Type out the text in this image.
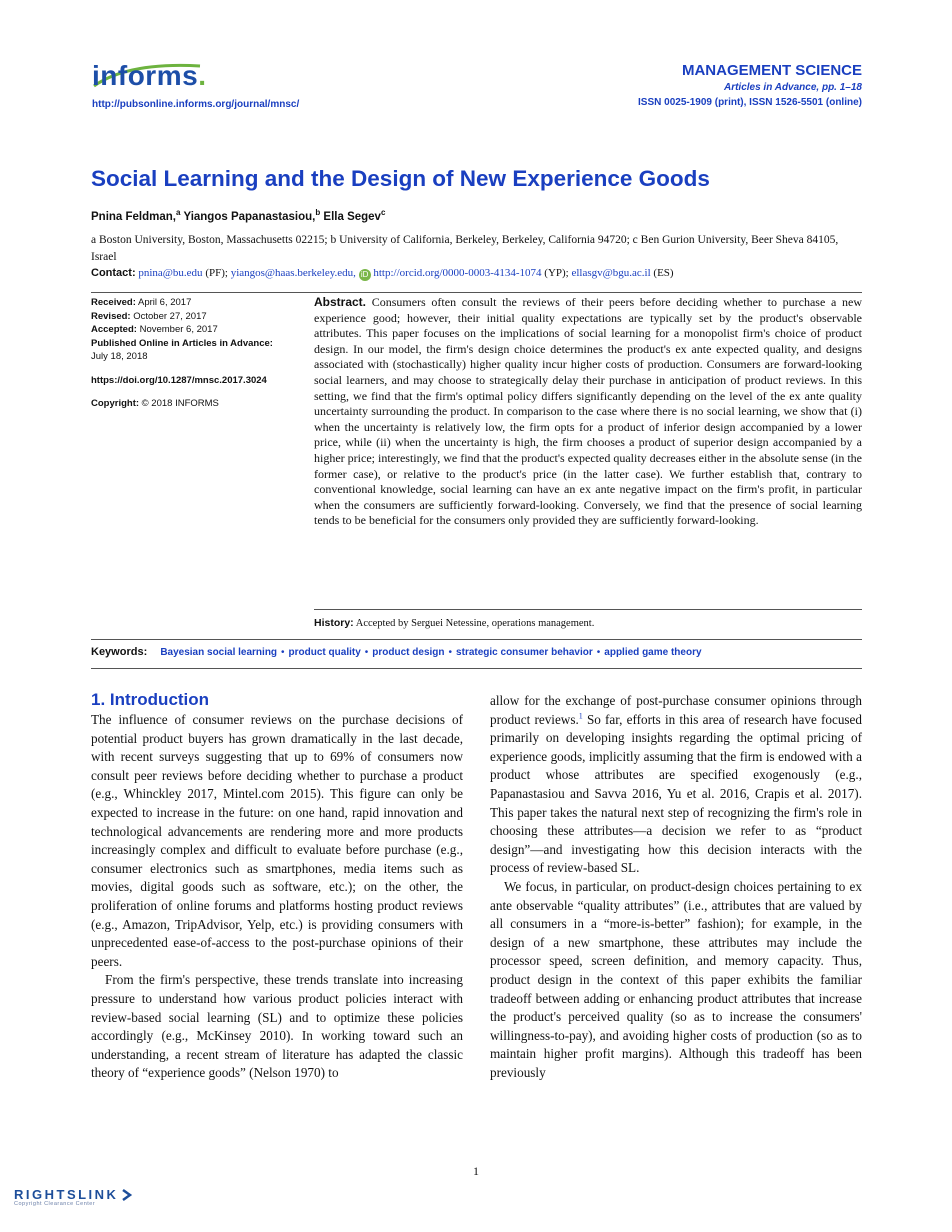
informs.
http://pubsonline.informs.org/journal/mnsc/
MANAGEMENT SCIENCE
Articles in Advance, pp. 1–18
ISSN 0025-1909 (print), ISSN 1526-5501 (online)
Social Learning and the Design of New Experience Goods
Pnina Feldman,$^a$ Yiangos Papanastasiou,$^b$ Ella Segev$^c$
a Boston University, Boston, Massachusetts 02215; b University of California, Berkeley, Berkeley, California 94720; c Ben Gurion University, Beer Sheva 84105, Israel
Contact: pnina@bu.edu (PF); yiangos@haas.berkeley.edu, iD http://orcid.org/0000-0003-4134-1074 (YP); ellasgv@bgu.ac.il (ES)
Received: April 6, 2017
Revised: October 27, 2017
Accepted: November 6, 2017
Published Online in Articles in Advance:
July 18, 2018
https://doi.org/10.1287/mnsc.2017.3024
Copyright: © 2018 INFORMS
Abstract. Consumers often consult the reviews of their peers before deciding whether to purchase a new experience good; however, their initial quality expectations are typically set by the product's observable attributes. This paper focuses on the implications of social learning for a monopolist firm's choice of product design. In our model, the firm's design choice determines the product's ex ante expected quality, and designs associated with (stochastically) higher quality incur higher costs of production. Consumers are forward-looking social learners, and may choose to strategically delay their purchase in anticipation of product reviews. In this setting, we find that the firm's optimal policy differs significantly depending on the level of the ex ante quality uncertainty surrounding the product. In comparison to the case where there is no social learning, we show that (i) when the uncertainty is relatively low, the firm opts for a product of inferior design accompanied by a lower price, while (ii) when the uncertainty is high, the firm chooses a product of superior design accompanied by a higher price; interestingly, we find that the product's expected quality decreases either in the absolute sense (in the former case), or relative to the product's price (in the latter case). We further establish that, contrary to conventional knowledge, social learning can have an ex ante negative impact on the firm's profit, in particular when the consumers are sufficiently forward-looking. Conversely, we find that the presence of social learning tends to be beneficial for the consumers only provided they are sufficiently forward-looking.
History: Accepted by Serguei Netessine, operations management.
Keywords: Bayesian social learning • product quality • product design • strategic consumer behavior • applied game theory
1. Introduction

The influence of consumer reviews on the purchase decisions of potential product buyers has grown dramatically in the last decade, with recent surveys suggesting that up to 69% of consumers now consult peer reviews before deciding whether to purchase a product (e.g., Whinckley 2017, Mintel.com 2015). This figure can only be expected to increase in the future: on one hand, rapid innovation and technological advancements are rendering more and more products increasingly complex and difficult to evaluate before purchase (e.g., consumer electronics such as smartphones, media items such as movies, digital goods such as software, etc.); on the other, the proliferation of online forums and platforms hosting product reviews (e.g., Amazon, TripAdvisor, Yelp, etc.) is providing consumers with unprecedented ease-of-access to the post-purchase opinions of their peers.

From the firm's perspective, these trends translate into increasing pressure to understand how various product policies interact with review-based social learning (SL) and to optimize these policies accordingly (e.g., McKinsey 2010). In working toward such an understanding, a recent stream of literature has adapted the classic theory of “experience goods” (Nelson 1970) to

allow for the exchange of post-purchase consumer opinions through product reviews.$^1$ So far, efforts in this area of research have focused primarily on developing insights regarding the optimal pricing of experience goods, implicitly assuming that the firm is endowed with a product whose attributes are specified exogenously (e.g., Papanastasiou and Savva 2016, Yu et al. 2016, Crapis et al. 2017). This paper takes the natural next step of recognizing the firm's role in choosing these attributes—a decision we refer to as “product design”—and investigating how this decision interacts with the process of review-based SL.

We focus, in particular, on product-design choices pertaining to ex ante observable “quality attributes” (i.e., attributes that are valued by all consumers in a “more-is-better” fashion); for example, in the design of a new smartphone, these attributes may include the processor speed, screen definition, and memory capacity. Thus, product design in the context of this paper exhibits the familiar tradeoff between adding or enhancing product attributes that increase the product's perceived quality (so as to increase the consumers' willingness-to-pay), and avoiding higher costs of production (so as to maintain higher profit margins). Although this tradeoff has been previously

1
RIGHTSLINK
Copyright Clearance Center
